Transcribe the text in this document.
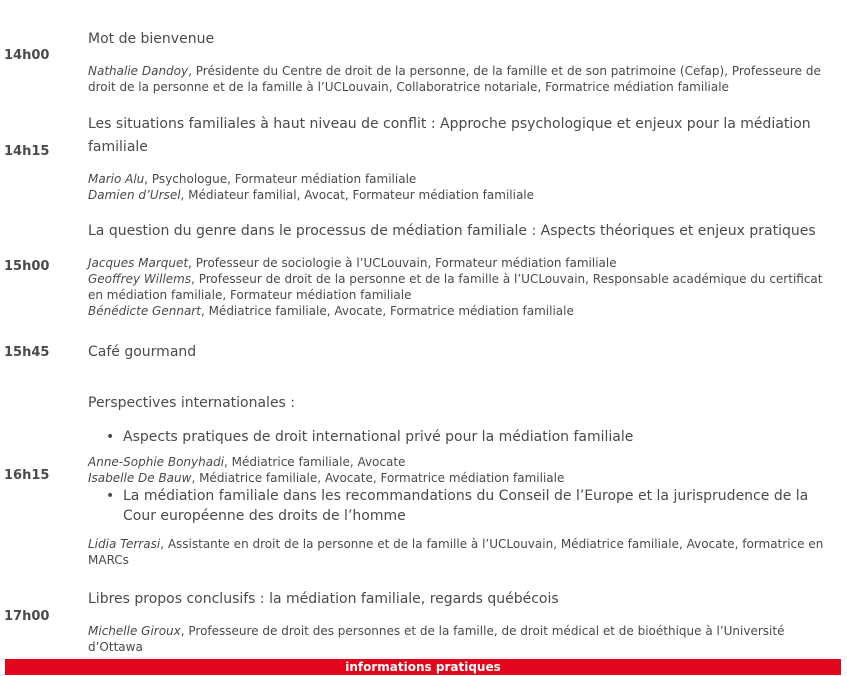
14h00

Mot de bienvenue

Nathalie Dandoy, Présidente du Centre de droit de la personne, de la famille et de son patrimoine (Cefap), Professeure de droit de la personne et de la famille à l’UCLouvain, Collaboratrice notariale, Formatrice médiation familiale

14h15

Les situations familiales à haut niveau de conflit : Approche psychologique et enjeux pour la médiation familiale

Mario Alu, Psychologue, Formateur médiation familiale

Damien d’Ursel, Médiateur familial, Avocat, Formateur médiation familiale

15h00

La question du genre dans le processus de médiation familiale : Aspects théoriques et enjeux pratiques

Jacques Marquet, Professeur de sociologie à l’UCLouvain, Formateur médiation familiale

Geoffrey Willems, Professeur de droit de la personne et de la famille à l’UCLouvain, Responsable académique du certificat en médiation familiale, Formateur médiation familiale

Bénédicte Gennart, Médiatrice familiale, Avocate, Formatrice médiation familiale

15h45	Café gourmand

16h15

Perspectives internationales :

• Aspects pratiques de droit international privé pour la médiation familiale

Anne-Sophie Bonyhadi, Médiatrice familiale, Avocate

Isabelle De Bauw, Médiatrice familiale, Avocate, Formatrice médiation familiale

• La médiation familiale dans les recommandations du Conseil de l’Europe et la jurisprudence de la Cour européenne des droits de l’homme

Lidia Terrasi, Assistante en droit de la personne et de la famille à l’UCLouvain, Médiatrice familiale, Avocate, formatrice en MARCs

17h00

Libres propos conclusifs : la médiation familiale, regards québécois

Michelle Giroux, Professeure de droit des personnes et de la famille, de droit médical et de bioéthique à l’Université d’Ottawa

informations pratiques
